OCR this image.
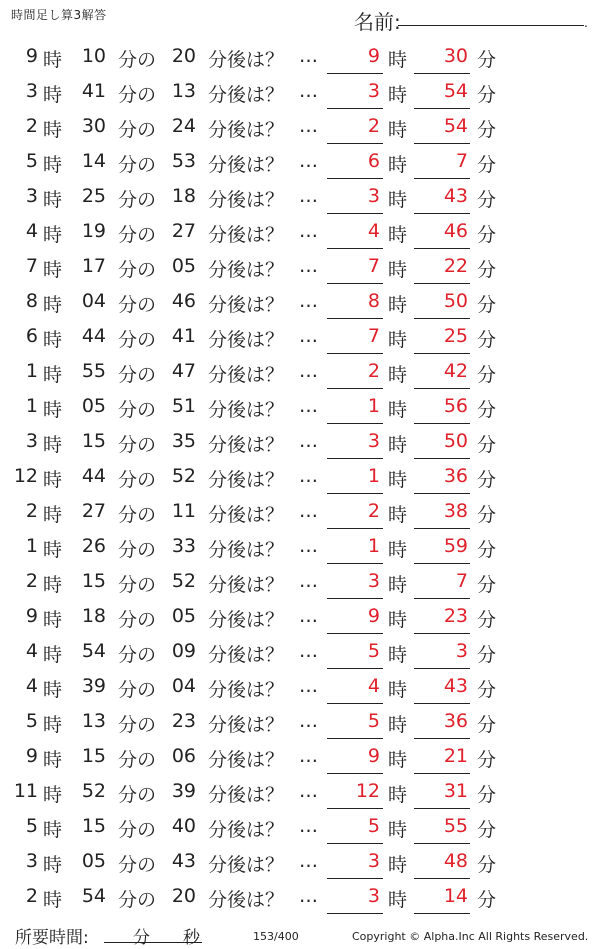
時間足し算3解答	名前:	.
9 時	10 分の 20 分後は？ …	9 時	30 分
3 時	41 分の 13 分後は？ …	3 時	54 分
2 時	30 分の 24 分後は？ …	2 時	54 分
5 時	14 分の 53 分後は？ …	6 時	7 分
3 時	25 分の 18 分後は？ …	3 時	43 分
4 時	19 分の 27 分後は？ …	4 時	46 分
7 時	17 分の 05 分後は？ …	7 時	22 分
8 時	04 分の 46 分後は？ …	8 時	50 分
6 時	44 分の 41 分後は？ …	7 時	25 分
1 時	55 分の 47 分後は？ …	2 時	42 分
1 時	05 分の 51 分後は？ …	1 時	56 分
3 時	15 分の 35 分後は？ …	3 時	50 分
12 時	44 分の 52 分後は？ …	1 時	36 分
2 時	27 分の 11 分後は？ …	2 時	38 分
1 時	26 分の 33 分後は？ …	1 時	59 分
2 時	15 分の 52 分後は？ …	3 時	7 分
9 時	18 分の 05 分後は？ …	9 時	23 分
4 時	54 分の 09 分後は？ …	5 時	3 分
4 時	39 分の 04 分後は？ …	4 時	43 分
5 時	13 分の 23 分後は？ …	5 時	36 分
9 時	15 分の 06 分後は？ …	9 時	21 分
11 時	52 分の 39 分後は？ …	12 時	31 分
5 時	15 分の 40 分後は？ …	5 時	55 分
3 時	05 分の 43 分後は？ …	3 時	48 分
2 時	54 分の 20 分後は？ …	3 時	14 分
所要時間:	分 秒	153/400	Copyright © Alpha.Inc All Rights Reserved.
